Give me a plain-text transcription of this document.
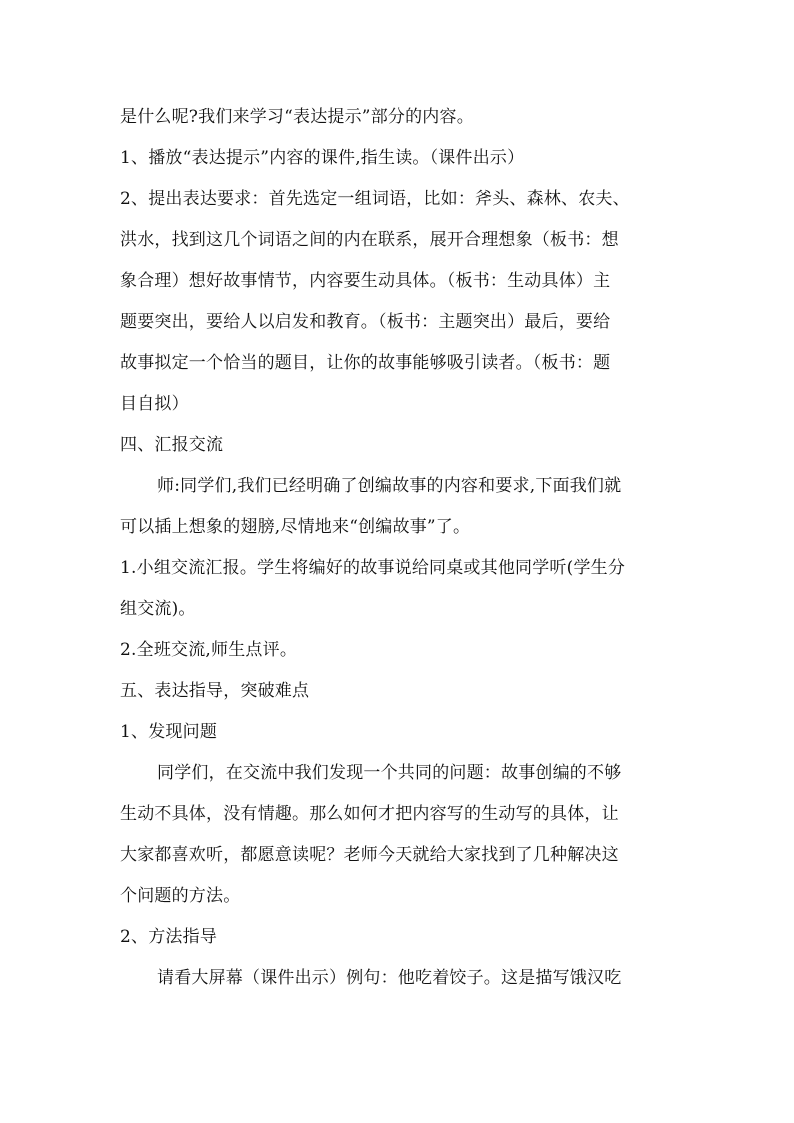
是什么呢?我们来学习“表达提示”部分的内容。
1、播放“表达提示”内容的课件,指生读。（课件出示）
2、提出表达要求：首先选定一组词语，比如：斧头、森林、农夫、
洪水，找到这几个词语之间的内在联系，展开合理想象（板书：想
象合理）想好故事情节，内容要生动具体。（板书：生动具体）主
题要突出，要给人以启发和教育。（板书：主题突出）最后，要给
故事拟定一个恰当的题目，让你的故事能够吸引读者。（板书：题
目自拟）
四、汇报交流
师:同学们,我们已经明确了创编故事的内容和要求,下面我们就
可以插上想象的翅膀,尽情地来“创编故事”了。
1.小组交流汇报。学生将编好的故事说给同桌或其他同学听(学生分
组交流)。
2.全班交流,师生点评。
五、表达指导，突破难点
1、发现问题
同学们，在交流中我们发现一个共同的问题：故事创编的不够
生动不具体，没有情趣。那么如何才把内容写的生动写的具体，让
大家都喜欢听，都愿意读呢？老师今天就给大家找到了几种解决这
个问题的方法。
2、方法指导
请看大屏幕（课件出示）例句：他吃着饺子。这是描写饿汉吃
